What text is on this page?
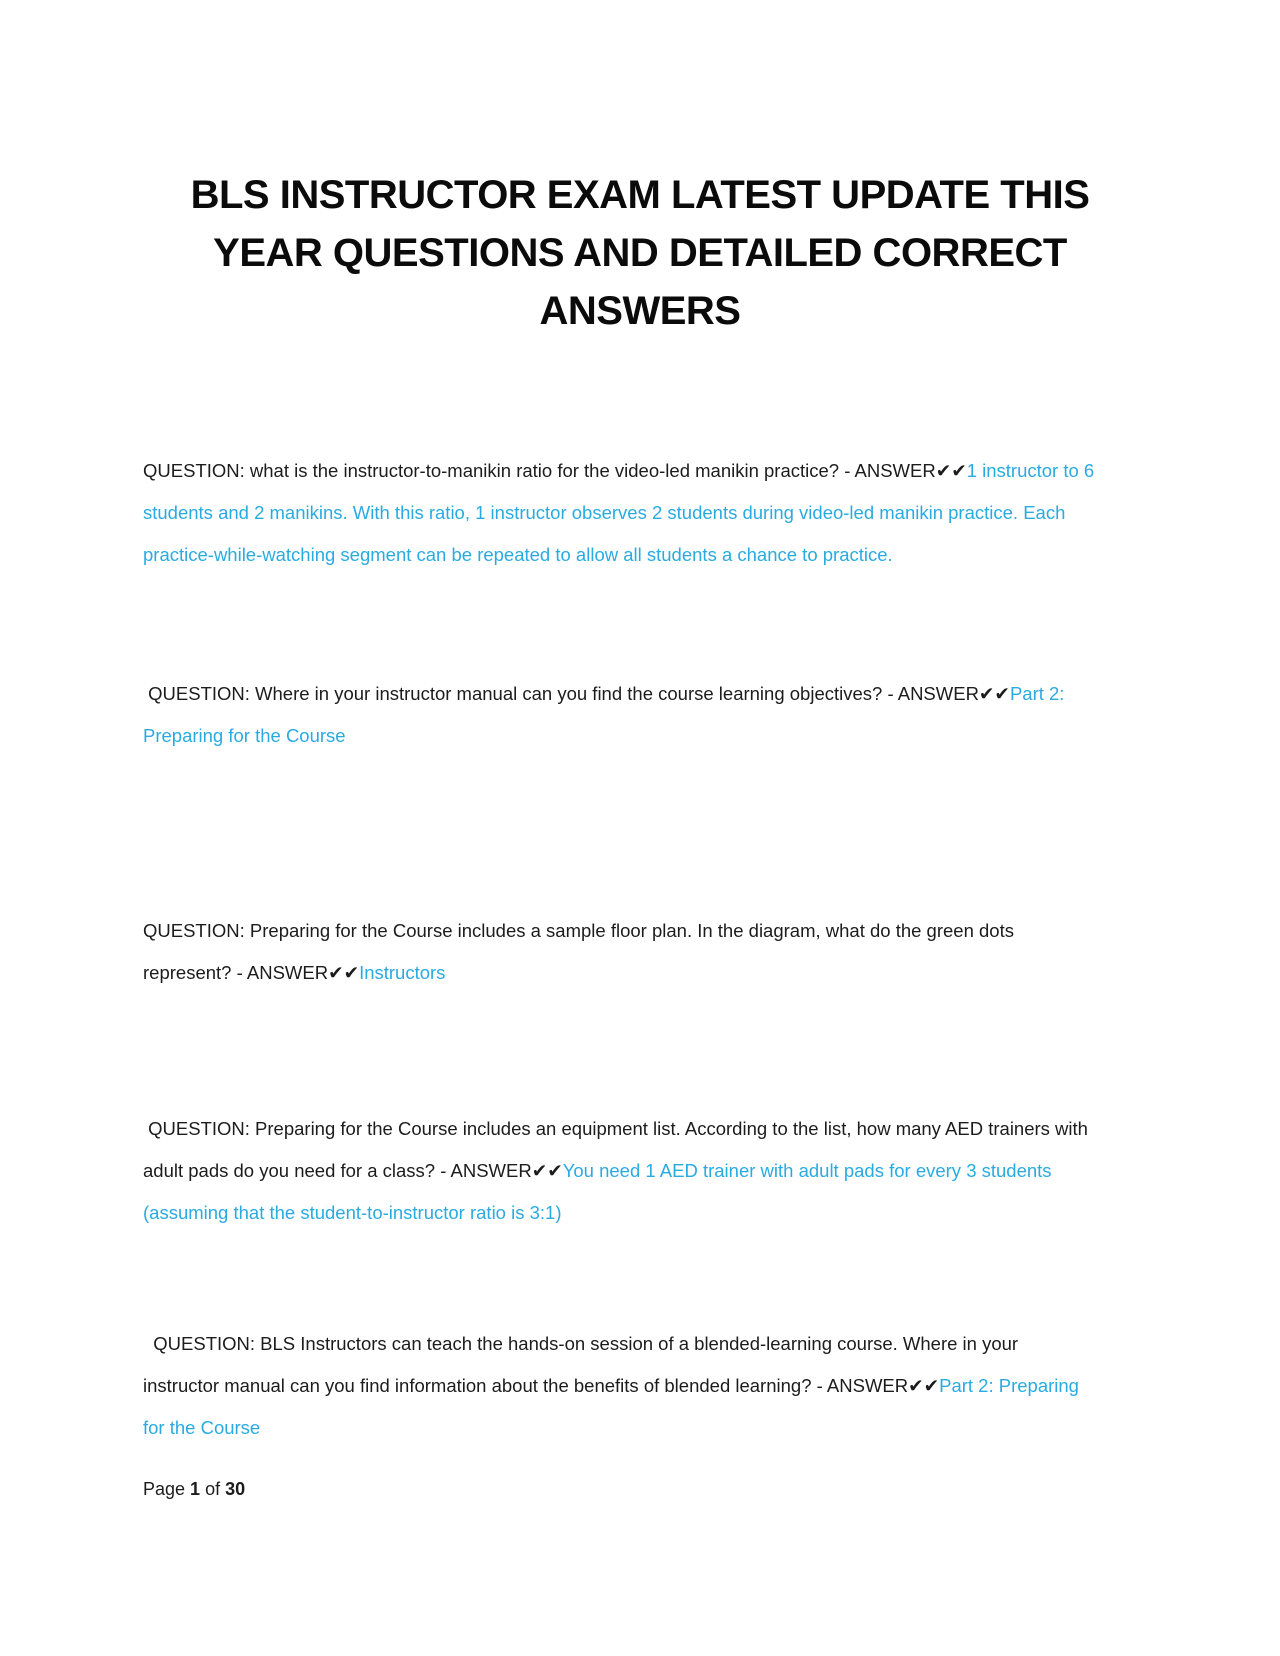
BLS INSTRUCTOR EXAM LATEST UPDATE THIS YEAR QUESTIONS AND DETAILED CORRECT ANSWERS

QUESTION: what is the instructor-to-manikin ratio for the video-led manikin practice? - ANSWER✔✔1 instructor to 6 students and 2 manikins. With this ratio, 1 instructor observes 2 students during video-led manikin practice. Each practice-while-watching segment can be repeated to allow all students a chance to practice.

QUESTION: Where in your instructor manual can you find the course learning objectives? - ANSWER✔✔Part 2: Preparing for the Course

QUESTION: Preparing for the Course includes a sample floor plan. In the diagram, what do the green dots represent? - ANSWER✔✔Instructors

QUESTION: Preparing for the Course includes an equipment list. According to the list, how many AED trainers with adult pads do you need for a class? - ANSWER✔✔You need 1 AED trainer with adult pads for every 3 students (assuming that the student-to-instructor ratio is 3:1)

QUESTION: BLS Instructors can teach the hands-on session of a blended-learning course. Where in your instructor manual can you find information about the benefits of blended learning? - ANSWER✔✔Part 2: Preparing for the Course

Page 1 of 30
